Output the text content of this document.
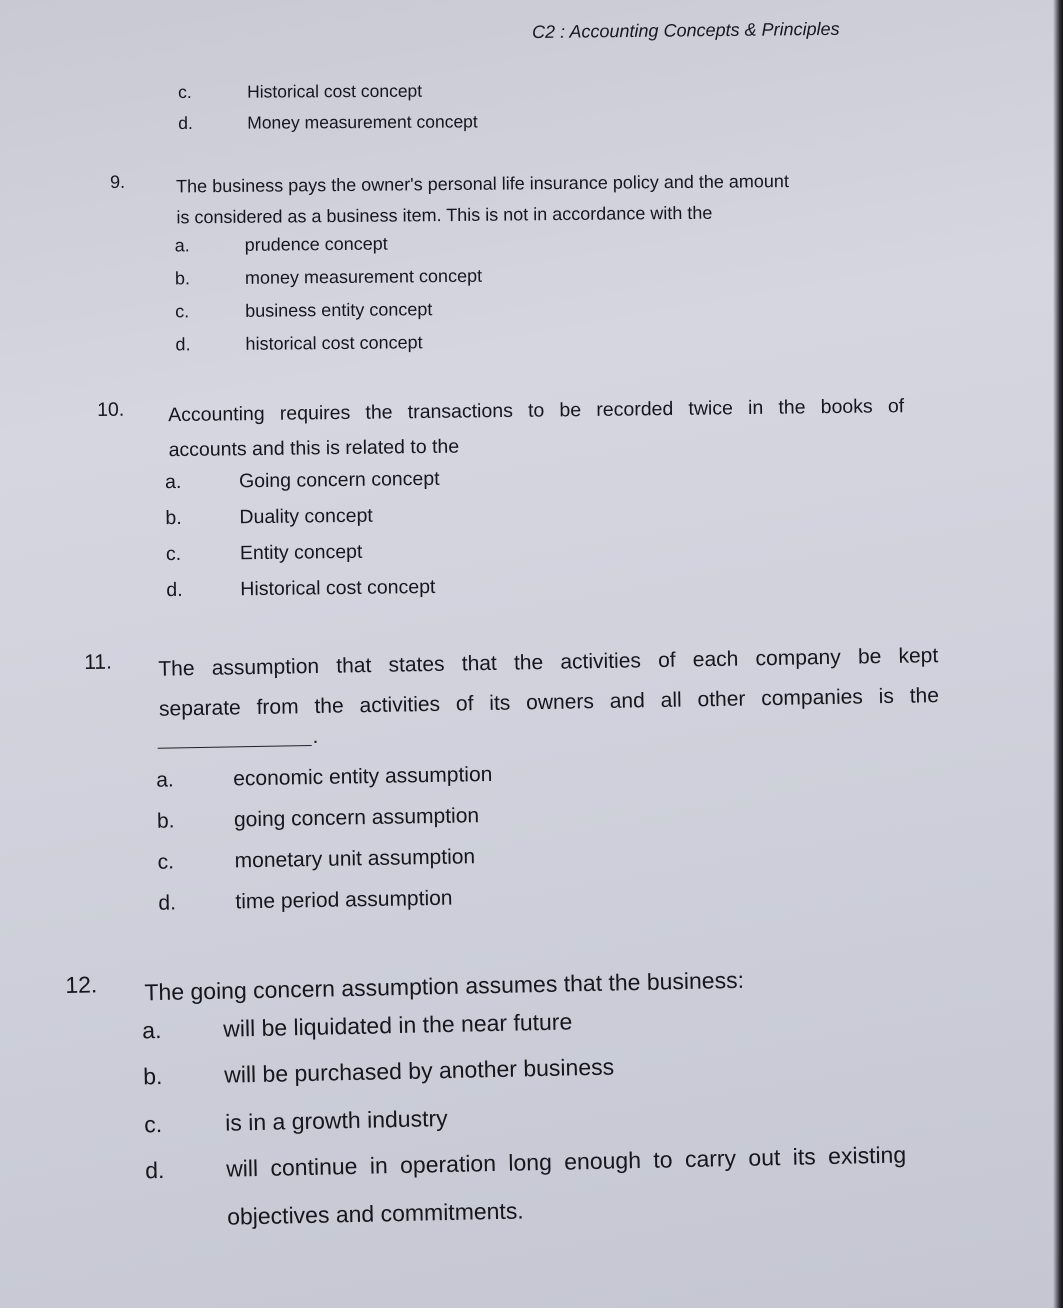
C2 : Accounting Concepts & Principles
c.	Historical cost concept
d.	Money measurement concept
9.	The business pays the owner's personal life insurance policy and the amount
is considered as a business item. This is not in accordance with the
a.	prudence concept
b.	money measurement concept
c.	business entity concept
d.	historical cost concept
10. Accounting requires the transactions to be recorded twice in the books of
accounts and this is related to the
a.	Going concern concept
b.	Duality concept
c.	Entity concept
d.	Historical cost concept
11. The assumption that states that the activities of each company be kept
separate from the activities of its owners and all other companies is the
.
a.	economic entity assumption
b.	going concern assumption
c.	monetary unit assumption
d.	time period assumption
12. The going concern assumption assumes that the business:
a.	will be liquidated in the near future
b.	will be purchased by another business
c.	is in a growth industry
d.	will continue in operation long enough to carry out its existing
objectives and commitments.
